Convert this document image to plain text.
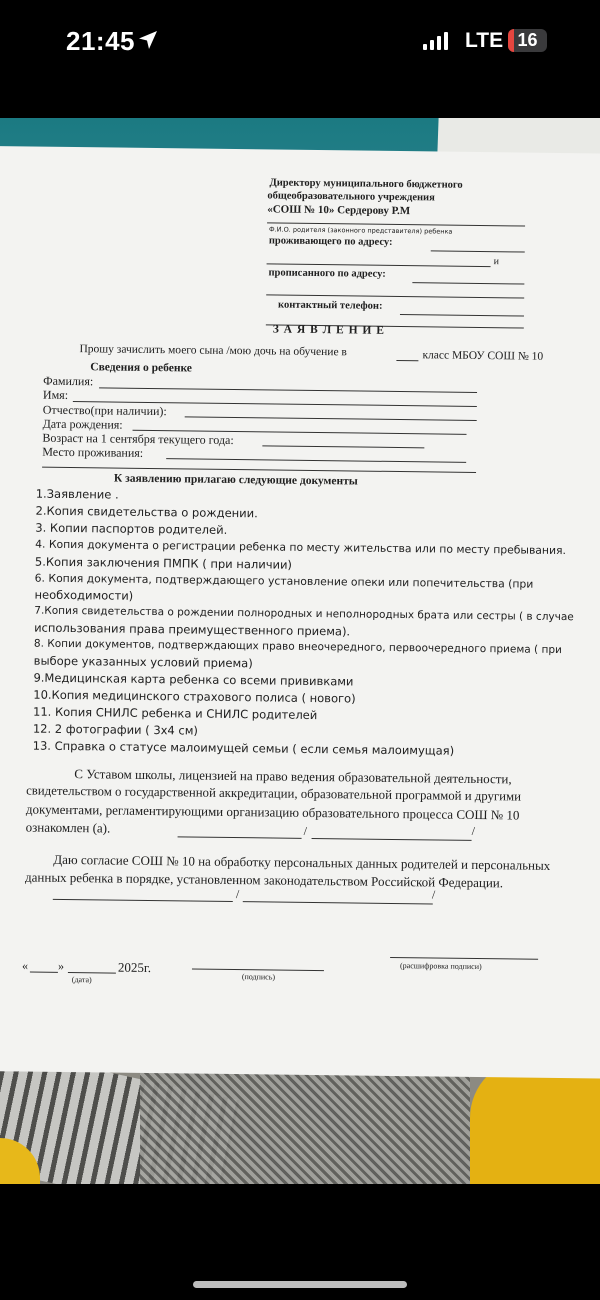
21:45	LTE 16
Директору муниципального бюджетного
общеобразовательного учреждения
«СОШ № 10» Сердерову Р.М
Ф.И.О. родителя (законного представителя) ребенка
проживающего по адресу:
и
прописанного по адресу:
контактный телефон:
З А Я В Л Е Н И Е
Прошу зачислить моего сына /мою дочь на обучение в	класс МБОУ СОШ № 10
Сведения о ребенке
Фамилия:
Имя:
Отчество(при наличии):
Дата рождения:
Возраст на 1 сентября текущего года:
Место проживания:
К заявлению прилагаю следующие документы
1.Заявление .
2.Копия свидетельства о рождении.
3. Копии паспортов родителей.
4. Копия документа о регистрации ребенка по месту жительства или по месту пребывания.
5.Копия заключения ПМПК ( при наличии)
6. Копия документа, подтверждающего установление опеки или попечительства (при
необходимости)
7.Копия свидетельства о рождении полнородных и неполнородных брата или сестры ( в случае
использования права преимущественного приема).
8. Копии документов, подтверждающих право внеочередного, первоочередного приема ( при
выборе указанных условий приема)
9.Медицинская карта ребенка со всеми прививками
10.Копия медицинского страхового полиса ( нового)
11. Копия СНИЛС ребенка и СНИЛС родителей
12. 2 фотографии ( 3х4 см)
13. Справка о статусе малоимущей семьи ( если семья малоимущая)
С Уставом школы, лицензией на право ведения образовательной деятельности,
свидетельством о государственной аккредитации, образовательной программой и другими
документами, регламентирующими организацию образовательного процесса СОШ № 10
ознакомлен (а).	/	/
Даю согласие СОШ № 10 на обработку персональных данных родителей и персональных
данных ребенка в порядке, установленном законодательством Российской Федерации.
/	/
« »	2025г.
(дата)	(подпись)
(расшифровка подписи)
